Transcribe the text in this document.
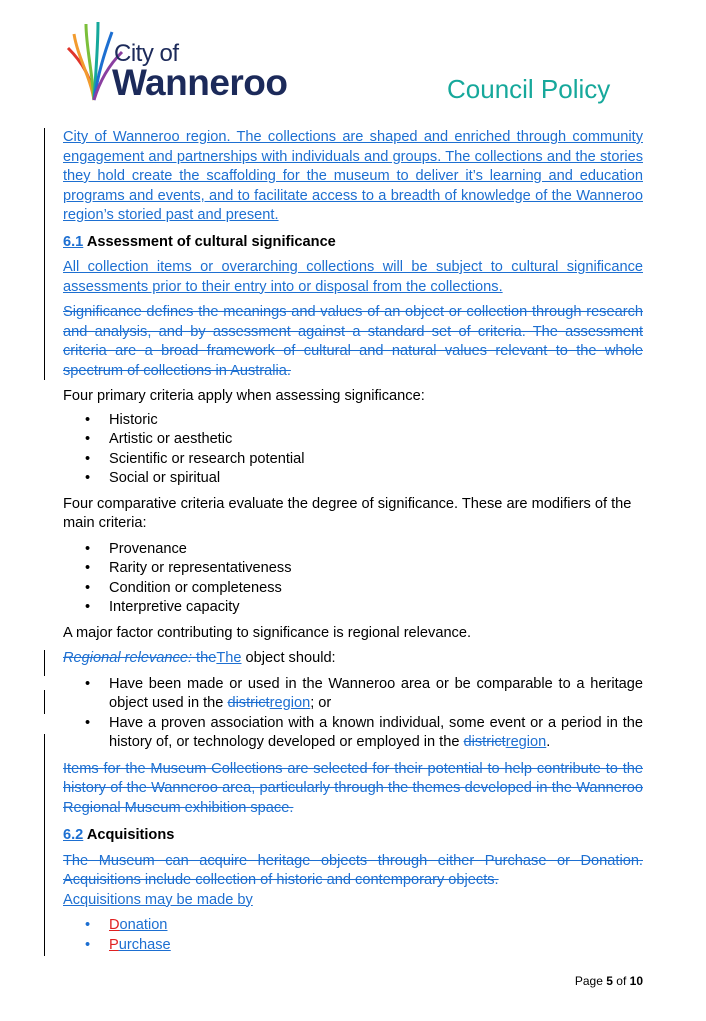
City of
Wanneroo	Council Policy

City of Wanneroo region. The collections are shaped and enriched through community engagement and partnerships with individuals and groups. The collections and the stories they hold create the scaffolding for the museum to deliver it’s learning and education programs and events, and to facilitate access to a breadth of knowledge of the Wanneroo region’s storied past and present.

6.1 Assessment of cultural significance

All collection items or overarching collections will be subject to cultural significance assessments prior to their entry into or disposal from the collections.

Significance defines the meanings and values of an object or collection through research and analysis, and by assessment against a standard set of criteria. The assessment criteria are a broad framework of cultural and natural values relevant to the whole spectrum of collections in Australia.

Four primary criteria apply when assessing significance:

• Historic
• Artistic or aesthetic
• Scientific or research potential
• Social or spiritual

Four comparative criteria evaluate the degree of significance. These are modifiers of the main criteria:

• Provenance
• Rarity or representativeness
• Condition or completeness
• Interpretive capacity

A major factor contributing to significance is regional relevance.

Regional relevance: theThe object should:

• Have been made or used in the Wanneroo area or be comparable to a heritage object used in the districtregion; or
• Have a proven association with a known individual, some event or a period in the history of, or technology developed or employed in the districtregion.

Items for the Museum Collections are selected for their potential to help contribute to the history of the Wanneroo area, particularly through the themes developed in the Wanneroo Regional Museum exhibition space.

6.2 Acquisitions

The Museum can acquire heritage objects through either Purchase or Donation. Acquisitions include collection of historic and contemporary objects.

Acquisitions may be made by

• Donation
• Purchase
Page 5 of 10
